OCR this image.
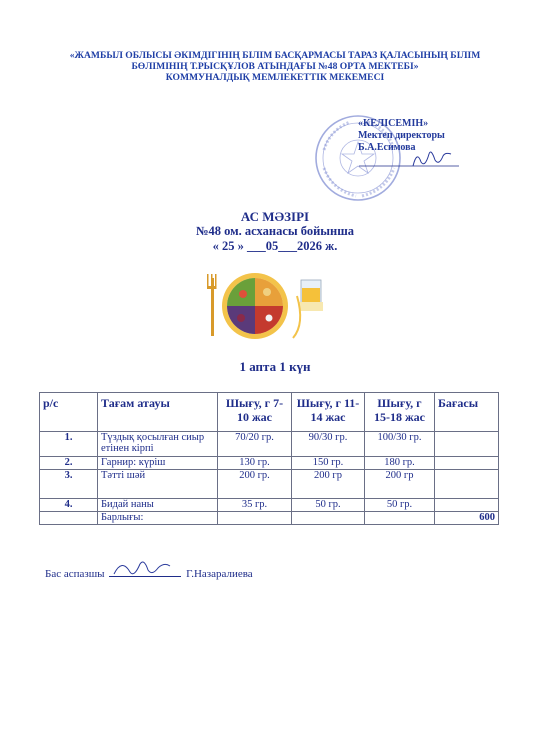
«ЖАМБЫЛ ОБЛЫСЫ ӘКІМДІГІНІҢ БІЛІМ БАСҚАРМАСЫ ТАРАЗ ҚАЛАСЫНЫҢ БІЛІМ
БӨЛІМІНІҢ Т.РЫСҚҰЛОВ АТЫНДАҒЫ №48 ОРТА МЕКТЕБІ»
КОММУНАЛДЫҚ МЕМЛЕКЕТТІК МЕКЕМЕСІ
«КЕЛІСЕМІН»
Мектеп директоры
Б.А.Есимова
АС МӘЗІРІ
№48 ом. асханасы бойынша
« 25 » ___05___2026 ж.
1 апта 1 күн
р/с	Тағам атауы	Шығу, г 7-10 жас	Шығу, г 11-14 жас	Шығу, г 15-18 жас	Бағасы
1.	Түздық қосылған сиыр етінен кірпі	70/20 гр.	90/30 гр.	100/30 гр.	
2.	Гарнир: күріш	130 гр.	150 гр.	180 гр.	
3.	Тәтті шәй	200 гр.	200 гр	200 гр	
4.	Бидай наны	35 гр.	50 гр.	50 гр.	
	Барлығы:				600
Бас аспазшы	Г.Назаралиева
